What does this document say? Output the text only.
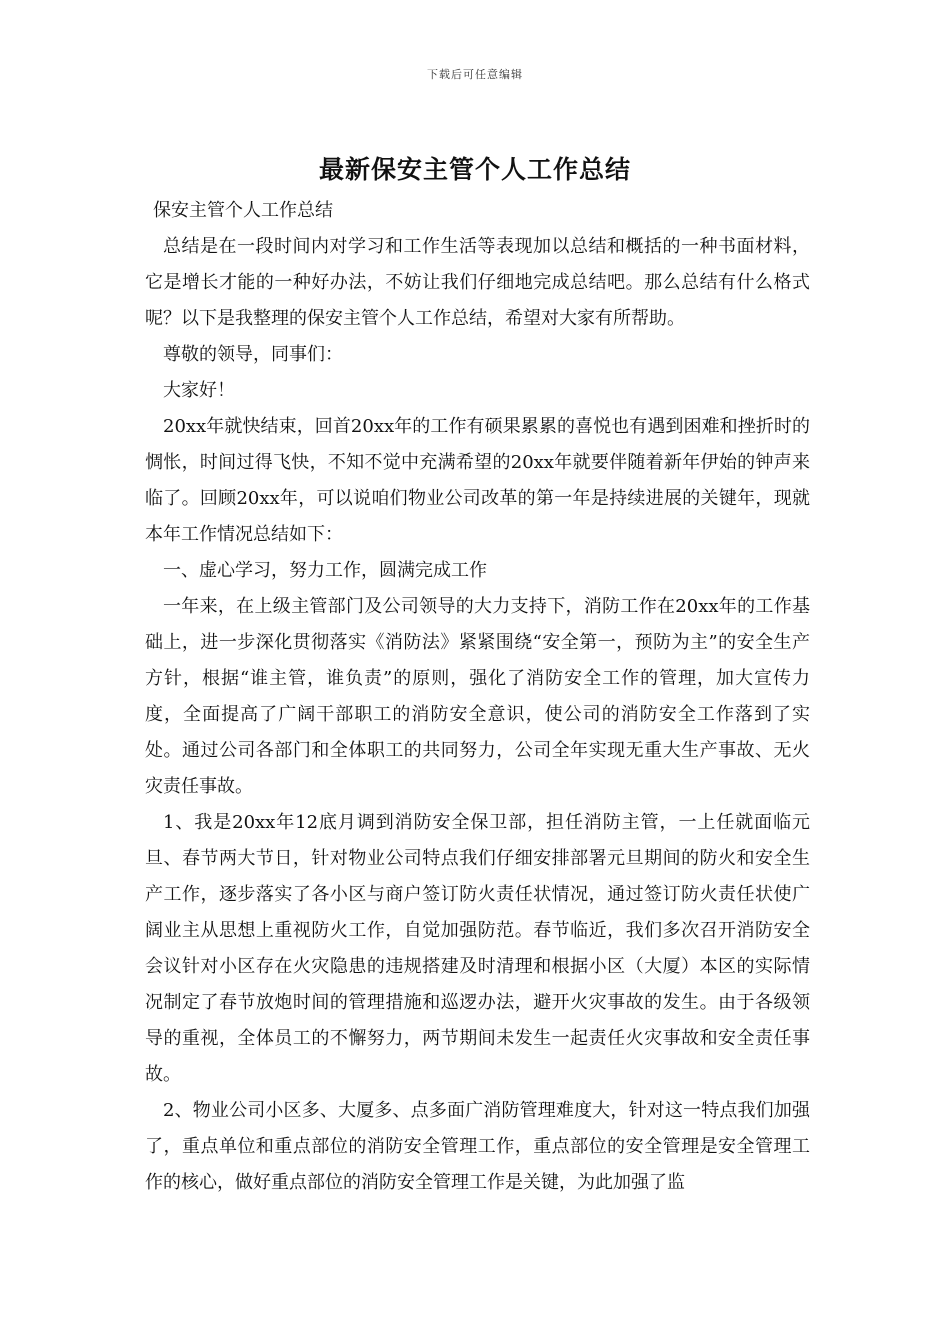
下载后可任意编辑
最新保安主管个人工作总结

保安主管个人工作总结

总结是在一段时间内对学习和工作生活等表现加以总结和概括的一种书面材料，它是增长才能的一种好办法，不妨让我们仔细地完成总结吧。那么总结有什么格式呢？以下是我整理的保安主管个人工作总结，希望对大家有所帮助。

尊敬的领导，同事们：

大家好！

20xx年就快结束，回首20xx年的工作有硕果累累的喜悦也有遇到困难和挫折时的惆怅，时间过得飞快，不知不觉中充满希望的20xx年就要伴随着新年伊始的钟声来临了。回顾20xx年，可以说咱们物业公司改革的第一年是持续进展的关键年，现就本年工作情况总结如下：

一、虚心学习，努力工作，圆满完成工作

一年来，在上级主管部门及公司领导的大力支持下，消防工作在20xx年的工作基础上，进一步深化贯彻落实《消防法》紧紧围绕“安全第一，预防为主”的安全生产方针，根据“谁主管，谁负责”的原则，强化了消防安全工作的管理，加大宣传力度，全面提高了广阔干部职工的消防安全意识，使公司的消防安全工作落到了实处。通过公司各部门和全体职工的共同努力，公司全年实现无重大生产事故、无火灾责任事故。

1、我是20xx年12底月调到消防安全保卫部，担任消防主管，一上任就面临元旦、春节两大节日，针对物业公司特点我们仔细安排部署元旦期间的防火和安全生产工作，逐步落实了各小区与商户签订防火责任状情况，通过签订防火责任状使广阔业主从思想上重视防火工作，自觉加强防范。春节临近，我们多次召开消防安全会议针对小区存在火灾隐患的违规搭建及时清理和根据小区（大厦）本区的实际情况制定了春节放炮时间的管理措施和巡逻办法，避开火灾事故的发生。由于各级领导的重视，全体员工的不懈努力，两节期间未发生一起责任火灾事故和安全责任事故。

2、物业公司小区多、大厦多、点多面广消防管理难度大，针对这一特点我们加强了，重点单位和重点部位的消防安全管理工作，重点部位的安全管理是安全管理工作的核心，做好重点部位的消防安全管理工作是关键，为此加强了监
